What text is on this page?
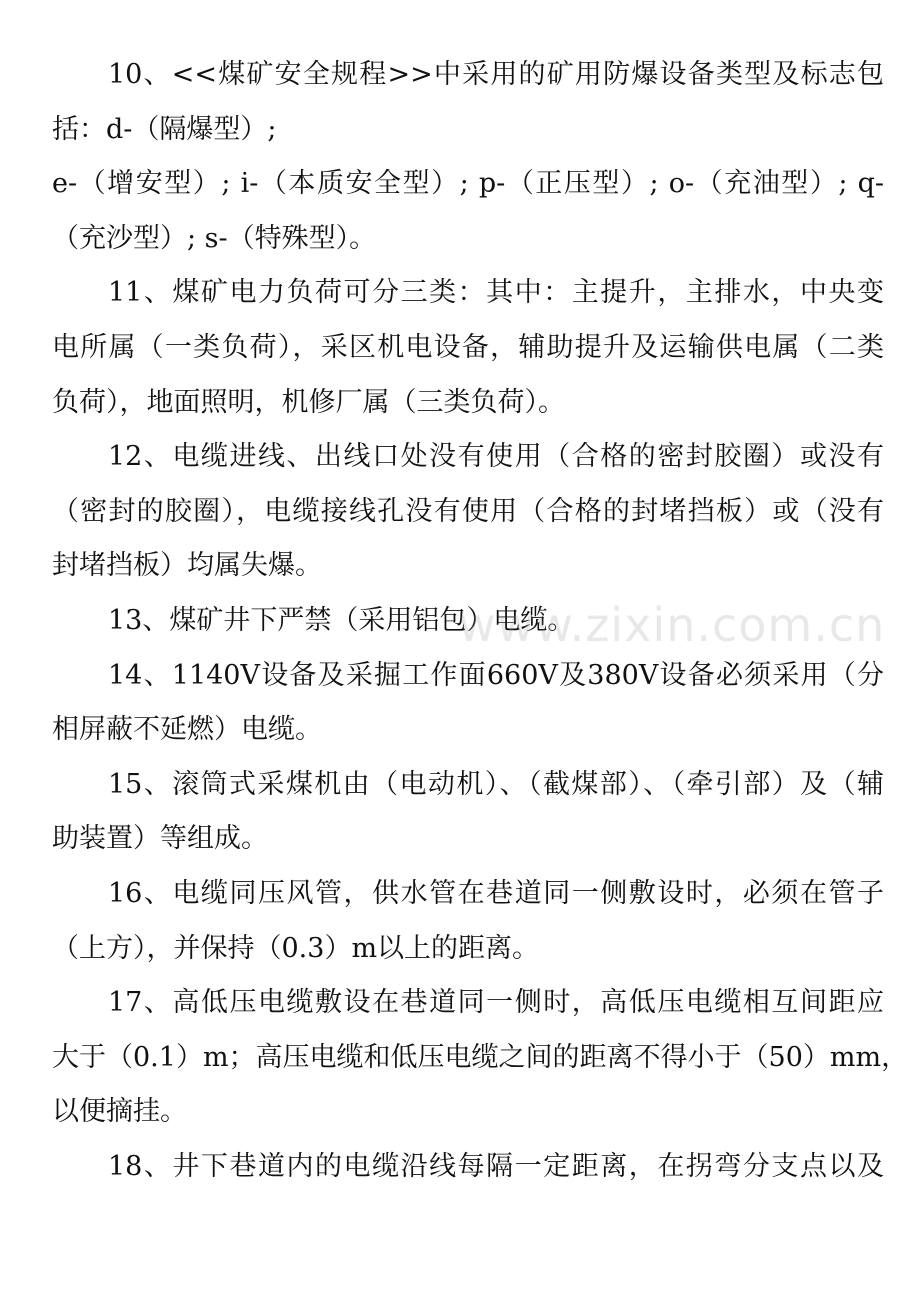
10、<<煤矿安全规程>>中采用的矿用防爆设备类型及标志包
括：d-（隔爆型）;
e-（增安型）; i-（本质安全型）; p-（正压型）; o-（充油型）; q-
（充沙型）; s-（特殊型）。
11、煤矿电力负荷可分三类：其中：主提升，主排水，中央变
电所属（一类负荷），采区机电设备，辅助提升及运输供电属（二类
负荷），地面照明，机修厂属（三类负荷）。
12、电缆进线、出线口处没有使用（合格的密封胶圈）或没有
（密封的胶圈），电缆接线孔没有使用（合格的封堵挡板）或（没有
封堵挡板）均属失爆。
13、煤矿井下严禁（采用铝包）电缆。
14、1140V设备及采掘工作面660V及380V设备必须采用（分
相屏蔽不延燃）电缆。
15、滚筒式采煤机由（电动机）、（截煤部）、（牵引部）及（辅
助装置）等组成。
16、电缆同压风管，供水管在巷道同一侧敷设时，必须在管子
（上方），并保持（0.3）m以上的距离。
17、高低压电缆敷设在巷道同一侧时，高低压电缆相互间距应
大于（0.1）m；高压电缆和低压电缆之间的距离不得小于（50）mm，
以便摘挂。
18、井下巷道内的电缆沿线每隔一定距离，在拐弯分支点以及
www.zixin.com.cn
